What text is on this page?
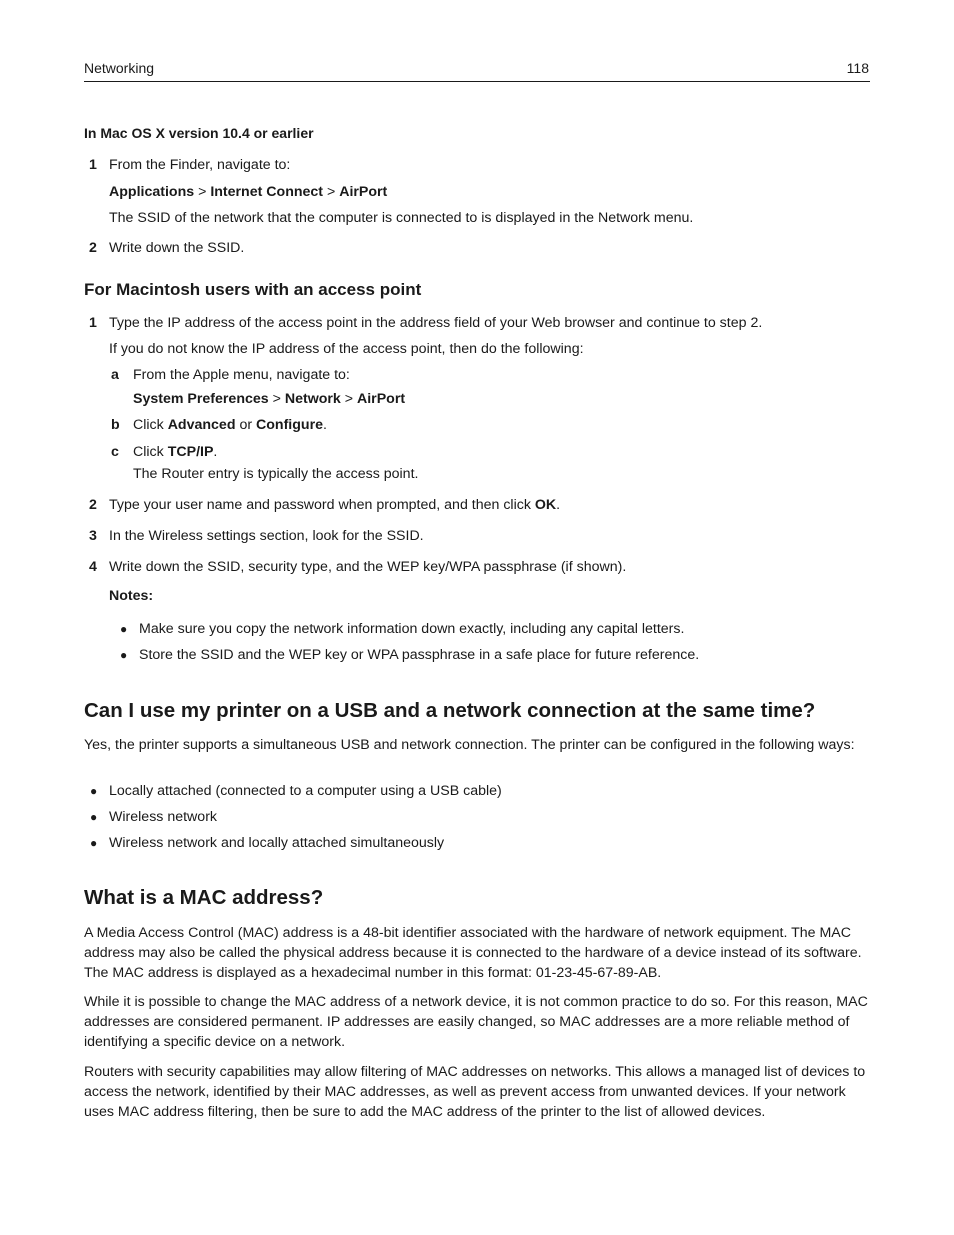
Networking	118
In Mac OS X version 10.4 or earlier
1 From the Finder, navigate to:
Applications > Internet Connect > AirPort
The SSID of the network that the computer is connected to is displayed in the Network menu.
2 Write down the SSID.
For Macintosh users with an access point
1 Type the IP address of the access point in the address field of your Web browser and continue to step 2.
If you do not know the IP address of the access point, then do the following:
a From the Apple menu, navigate to:
System Preferences > Network > AirPort
b Click Advanced or Configure.
c Click TCP/IP.
The Router entry is typically the access point.
2 Type your user name and password when prompted, and then click OK.
3 In the Wireless settings section, look for the SSID.
4 Write down the SSID, security type, and the WEP key/WPA passphrase (if shown).
Notes:
● Make sure you copy the network information down exactly, including any capital letters.
● Store the SSID and the WEP key or WPA passphrase in a safe place for future reference.
Can I use my printer on a USB and a network connection at the same time?
Yes, the printer supports a simultaneous USB and network connection. The printer can be configured in the following ways:
● Locally attached (connected to a computer using a USB cable)
● Wireless network
● Wireless network and locally attached simultaneously
What is a MAC address?
A Media Access Control (MAC) address is a 48-bit identifier associated with the hardware of network equipment. The MAC address may also be called the physical address because it is connected to the hardware of a device instead of its software. The MAC address is displayed as a hexadecimal number in this format: 01-23-45-67-89-AB.
While it is possible to change the MAC address of a network device, it is not common practice to do so. For this reason, MAC addresses are considered permanent. IP addresses are easily changed, so MAC addresses are a more reliable method of identifying a specific device on a network.
Routers with security capabilities may allow filtering of MAC addresses on networks. This allows a managed list of devices to access the network, identified by their MAC addresses, as well as prevent access from unwanted devices. If your network uses MAC address filtering, then be sure to add the MAC address of the printer to the list of allowed devices.
